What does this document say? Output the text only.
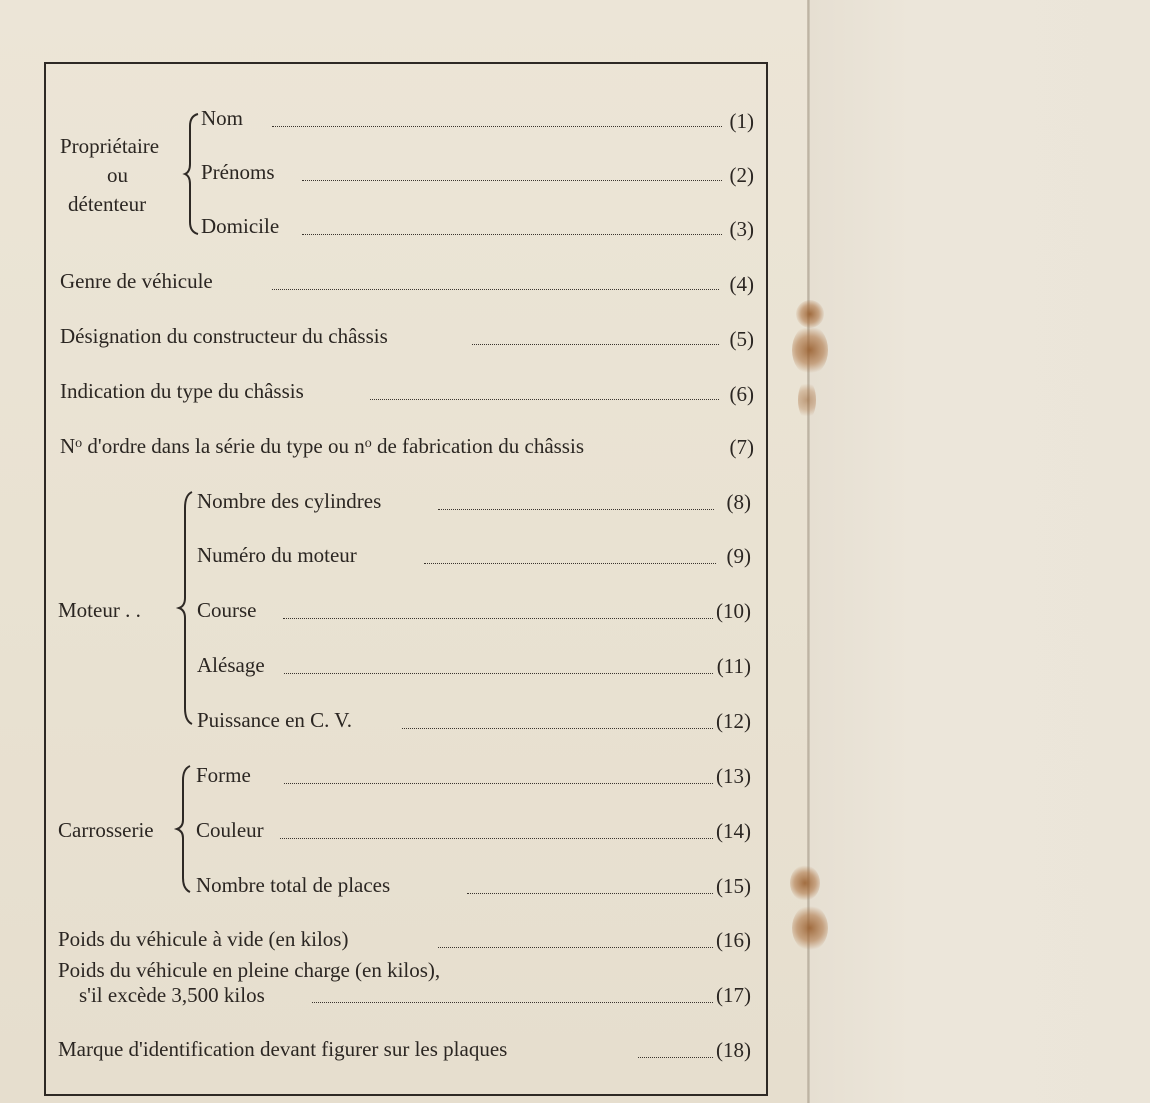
Propriétaire
ou
détenteur
Nom	(1)
Prénoms	(2)
Domicile	(3)
Genre de véhicule	(4)
Désignation du constructeur du châssis	(5)
Indication du type du châssis	(6)
$N^o$ d'ordre dans la série du type ou $n^o$ de fabrication du châssis	(7)
Moteur . .
Nombre des cylindres	(8)
Numéro du moteur	(9)
Course	(10)
Alésage	(11)
Puissance en C. V.	(12)
Carrosserie
Forme	(13)
Couleur	(14)
Nombre total de places	(15)
Poids du véhicule à vide (en kilos)	(16)
Poids du véhicule en pleine charge (en kilos),
s'il excède 3,500 kilos	(17)
Marque d'identification devant figurer sur les plaques	(18)
